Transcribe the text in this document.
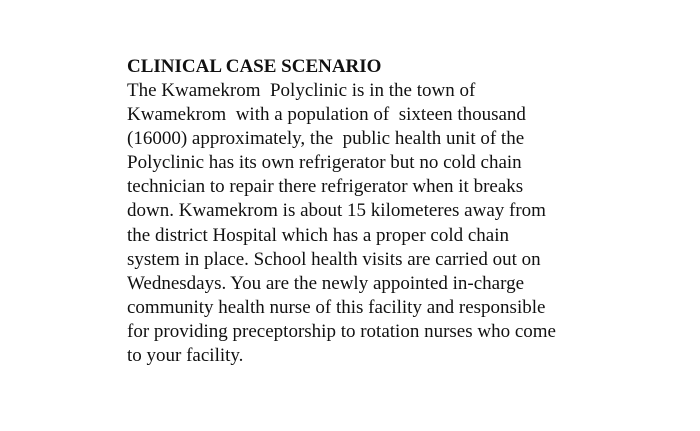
CLINICAL CASE SCENARIO
The Kwamekrom  Polyclinic is in the town of
Kwamekrom  with a population of  sixteen thousand
(16000) approximately, the  public health unit of the
Polyclinic has its own refrigerator but no cold chain
technician to repair there refrigerator when it breaks
down. Kwamekrom is about 15 kilometeres away from
the district Hospital which has a proper cold chain
system in place. School health visits are carried out on
Wednesdays. You are the newly appointed in-charge
community health nurse of this facility and responsible
for providing preceptorship to rotation nurses who come
to your facility.
